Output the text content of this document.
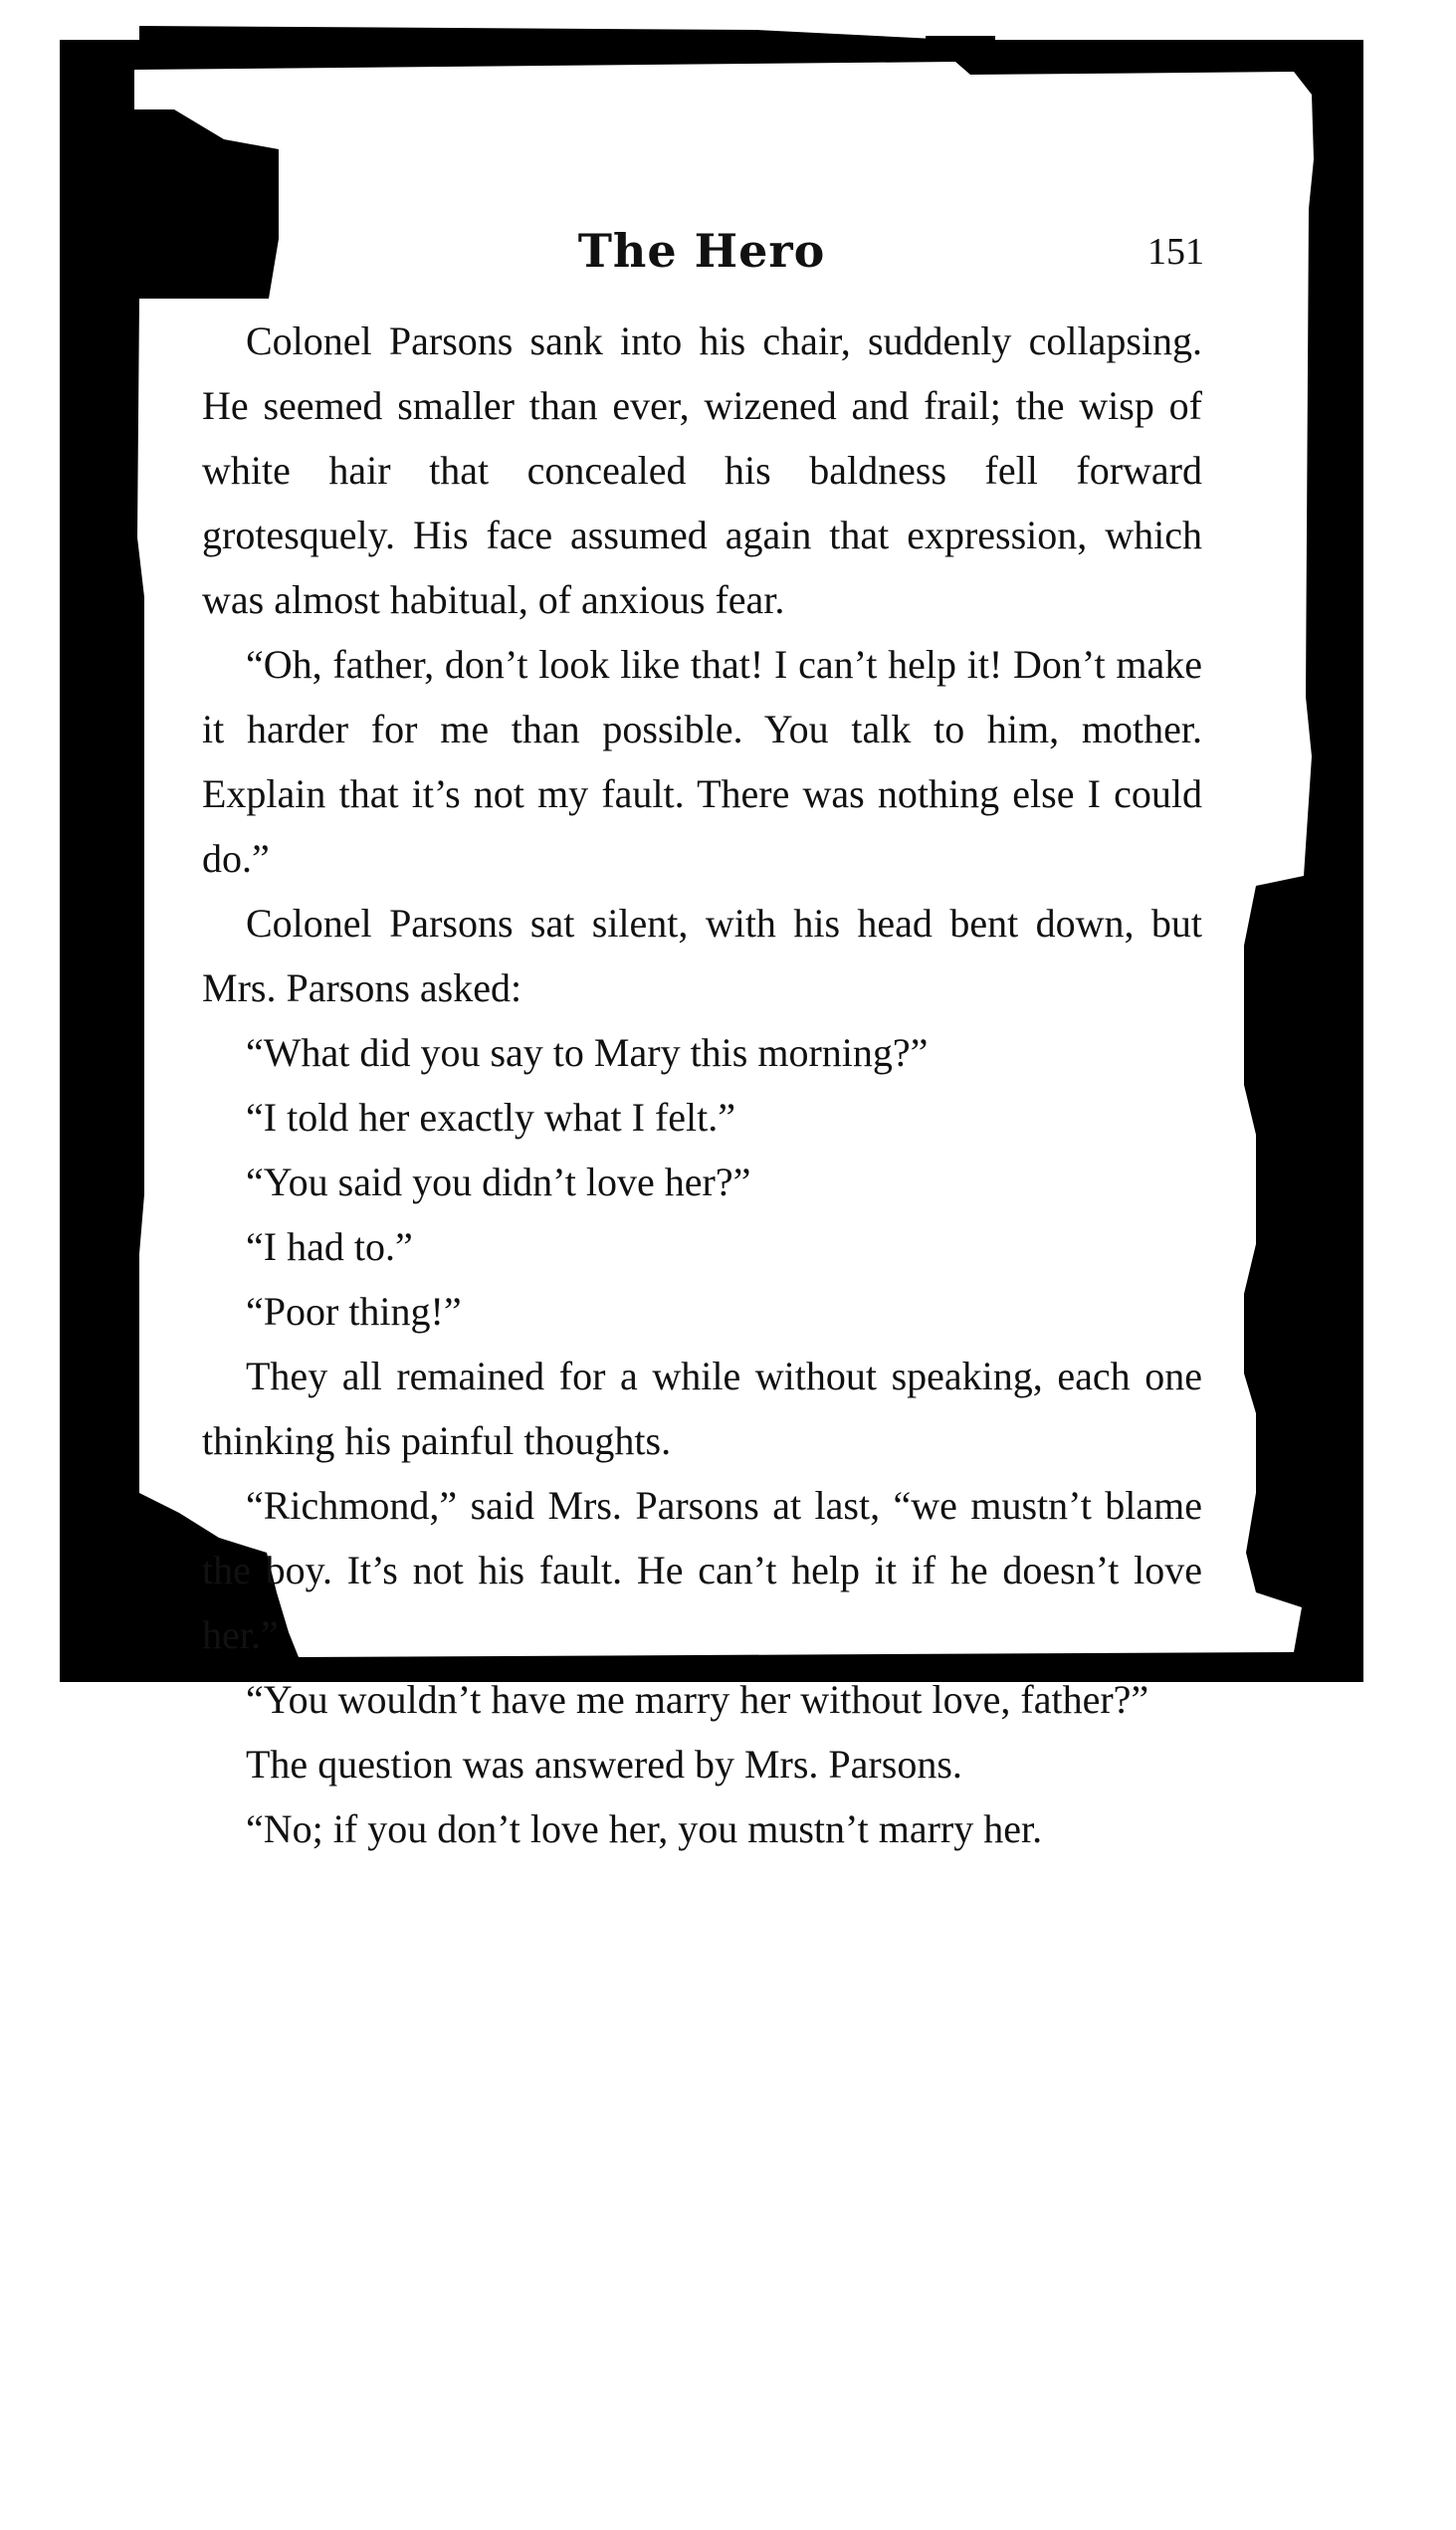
The Hero	151

Colonel Parsons sank into his chair, suddenly collapsing. He seemed smaller than ever, wizened and frail; the wisp of white hair that concealed his baldness fell forward grotesquely. His face assumed again that expression, which was almost habitual, of anxious fear.

“Oh, father, don’t look like that! I can’t help it! Don’t make it harder for me than possible. You talk to him, mother. Explain that it’s not my fault. There was nothing else I could do.”

Colonel Parsons sat silent, with his head bent down, but Mrs. Parsons asked:

“What did you say to Mary this morning?”

“I told her exactly what I felt.”

“You said you didn’t love her?”

“I had to.”

“Poor thing!”

They all remained for a while without speaking, each one thinking his painful thoughts.

“Richmond,” said Mrs. Parsons at last, “we mustn’t blame the boy. It’s not his fault. He can’t help it if he doesn’t love her.”

“You wouldn’t have me marry her without love, father?”

The question was answered by Mrs. Parsons.

“No; if you don’t love her, you mustn’t marry her.
